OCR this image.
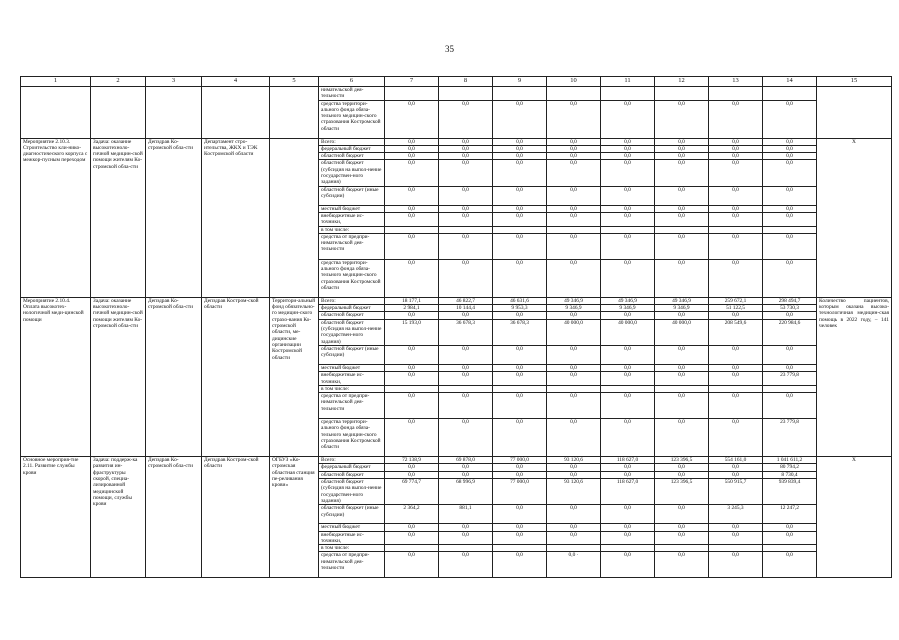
35
1	2	3	4	5	6	7	8	9	10	11	12	13	14	15
					нимательской дея-тельности									
					средства территори-ального фонда обяза-тельного медицин-ского страхования Костромской области	0,0	0,0	0,0	0,0	0,0	0,0	0,0	0,0	
Мероприятие 2.10.3. Строительство кли-нико-диагностического корпуса с межкор-пусным переходом	Задача: оказание высокотехноло-гичной медицин-ской помощи жителям Ко-стромской обла-сти	Депздрав Ко-стромской обла-сти	Департамент стро-ительства, ЖКХ и ТЭК Костромской области		Всего:	0,0	0,0	0,0	0,0	0,0	0,0	0,0	0,0	Х
					федеральный бюджет	0,0	0,0	0,0	0,0	0,0	0,0	0,0	0,0	
					областной бюджет	0,0	0,0	0,0	0,0	0,0	0,0	0,0	0,0	
					областной бюджет (субсидия на выпол-нение государствен-ного задания)	0,0	0,0	0,0	0,0	0,0	0,0	0,0	0,0	
					областной бюджет (иные субсидии)	0,0	0,0	0,0	0,0	0,0	0,0	0,0	0,0	
					местный бюджет	0,0	0,0	0,0	0,0	0,0	0,0	0,0	0,0	
					внебюджетные ис-точники,	0,0	0,0	0,0	0,0	0,0	0,0	0,0	0,0	
					в том числе:									
					средства от предпри-нимательской дея-тельности	0,0	0,0	0,0	0,0	0,0	0,0	0,0	0,0	
					средства территори-ального фонда обяза-тельного медицин-ского страхования Костромской области	0,0	0,0	0,0	0,0	0,0	0,0	0,0	0,0	
Мероприятие 2.10.4. Оплата высокотех-нологичной меди-цинской помощи	Задача: оказание высокотехноло-гичной медицин-ской помощи жителям Ко-стромской обла-сти	Депздрав Ко-стромской обла-сти	Депздрав Костром-ской области	Территори-альный фонд обязательно-го медицин-ского страхо-вания Ко-стромской области, ме-дицинские организации Костромской области	Всего:	18 177,1	46 822,7	46 631,6	49 346,9	49 346,9	49 346,9	259 672,1	298 494,7	Количество пациентов, которым оказана высоко-технологичная медицин-ская помощь в 2022 году, – 141 человек
					федеральный бюджет	2 984,1	10 144,4	9 953,3	9 346,9	9 346,9	9 346,9	51 122,5	53 730,3	
					областной бюджет	0,0	0,0	0,0	0,0	0,0	0,0	0,0	0,0	
					областной бюджет (субсидия на выпол-нение государствен-ного задания)	15 193,0	36 678,3	36 678,3	40 000,0	40 000,0	40 000,0	208 549,6	220 984,6	
					областной бюджет (иные субсидии)	0,0	0,0	0,0	0,0	0,0	0,0	0,0	0,0	
					местный бюджет	0,0	0,0	0,0	0,0	0,0	0,0	0,0	0,0	
					внебюджетные ис-точники,	0,0	0,0	0,0	0,0	0,0	0,0	0,0	23 779,8	
					в том числе:									
					средства от предпри-нимательской дея-тельности	0,0	0,0	0,0	0,0	0,0	0,0	0,0	0,0	
					средства территори-ального фонда обяза-тельного медицин-ского страхования Костромской области	0,0	0,0	0,0	0,0	0,0	0,0	0,0	23 779,8	
Основное мероприя-тие 2.11. Развитие службы крови	Задача: поддерж-ка развития ин-фраструктуры скорой, специа-лизированной медицинской помощи, службы крови	Депздрав Ко-стромской обла-сти	Депздрав Костром-ской области	ОГБУЗ «Ко-стромская областная станция пе-реливания крови»	Всего:	72 138,9	69 878,0	77 000,0	93 120,6	118 627,0	123 396,5	554 161,0	1 041 611,2	Х
					федеральный бюджет	0,0	0,0	0,0	0,0	0,0	0,0	0,0	80 794,2	
					областной бюджет	0,0	0,0	0,0	0,0	0,0	0,0	0,0	8 730,4	
					областной бюджет (субсидия на выпол-нение государствен-ного задания)	69 774,7	68 996,9	77 000,0	93 120,6	118 627,0	123 396,5	550 915,7	939 839,4	
					областной бюджет (иные субсидии)	2 364,2	881,1	0,0	0,0	0,0	0,0	3 245,3	12 247,2	
					местный бюджет	0,0	0,0	0,0	0,0	0,0	0,0	0,0	0,0	
					внебюджетные ис-точники,	0,0	0,0	0,0	0,0	0,0	0,0	0,0	0,0	
					в том числе:									
					средства от предпри-нимательской дея-тельности	0,0	0,0	0,0	0,0 ·	0,0	0,0	0,0	0,0	
